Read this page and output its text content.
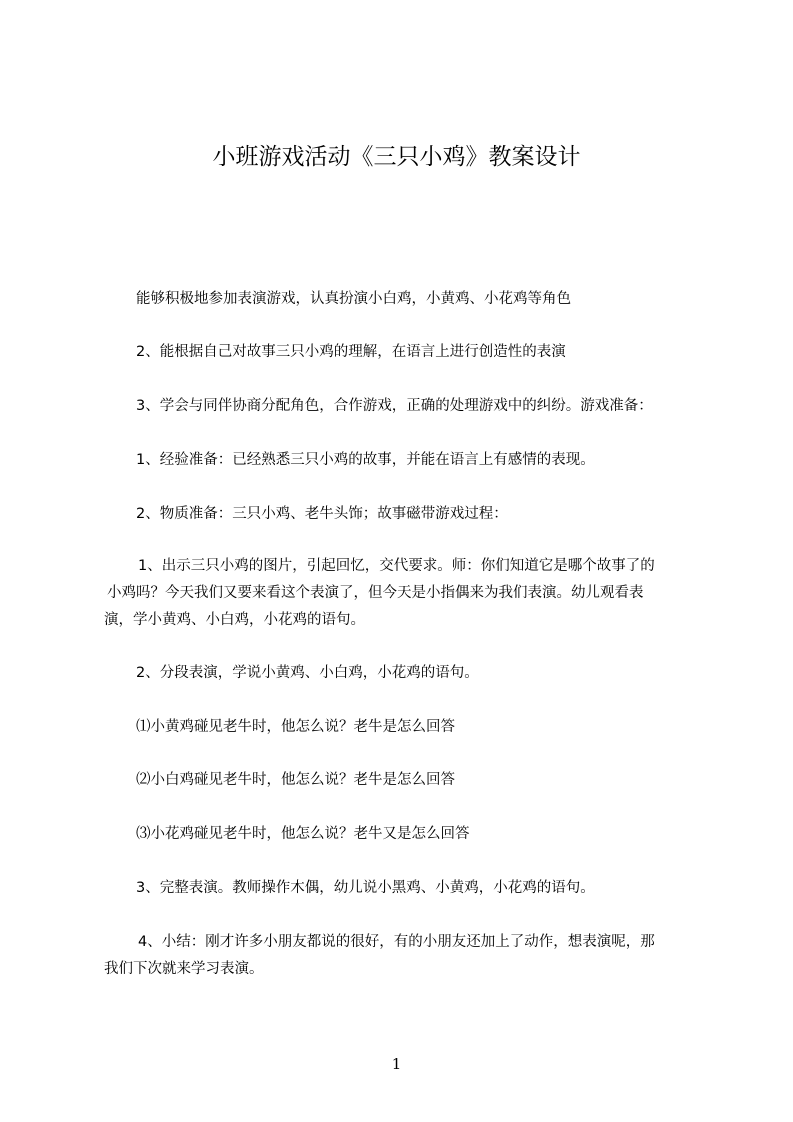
小班游戏活动《三只小鸡》教案设计
能够积极地参加表演游戏，认真扮演小白鸡，小黄鸡、小花鸡等角色
2、能根据自己对故事三只小鸡的理解，在语言上进行创造性的表演
3、学会与同伴协商分配角色，合作游戏，正确的处理游戏中的纠纷。游戏准备：
1、经验准备：已经熟悉三只小鸡的故事，并能在语言上有感情的表现。
2、物质准备：三只小鸡、老牛头饰；故事磁带游戏过程：
1、出示三只小鸡的图片，引起回忆，交代要求。师：你们知道它是哪个故事了的
小鸡吗？今天我们又要来看这个表演了，但今天是小指偶来为我们表演。幼儿观看表
演，学小黄鸡、小白鸡，小花鸡的语句。
2、分段表演，学说小黄鸡、小白鸡，小花鸡的语句。
⑴小黄鸡碰见老牛时，他怎么说？老牛是怎么回答
⑵小白鸡碰见老牛时，他怎么说？老牛是怎么回答
⑶小花鸡碰见老牛时，他怎么说？老牛又是怎么回答
3、完整表演。教师操作木偶，幼儿说小黑鸡、小黄鸡，小花鸡的语句。
4、小结：刚才许多小朋友都说的很好，有的小朋友还加上了动作，想表演呢，那
我们下次就来学习表演。
1
